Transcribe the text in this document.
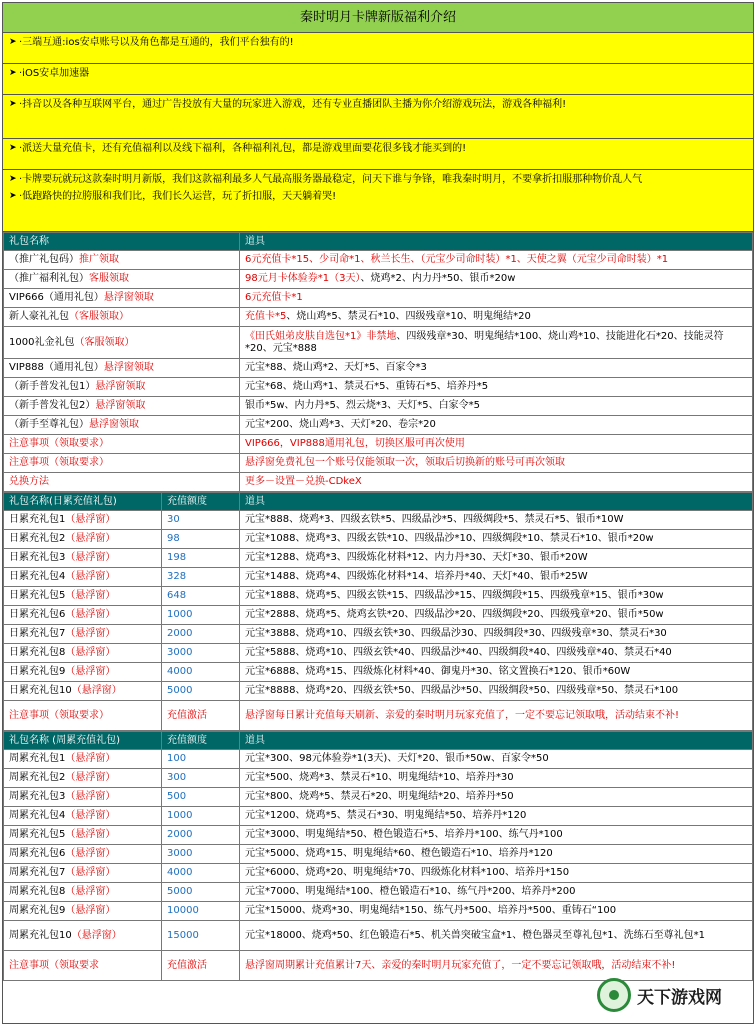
秦时明月卡牌新版福利介绍
➤ ·三端互通:ios安卓账号以及角色都是互通的，我们平台独有的!
➤ ·iOS安卓加速器
➤ ·抖音以及各种互联网平台，通过广告投放有大量的玩家进入游戏，还有专业直播团队主播为你介绍游戏玩法，游戏各种福利!
➤ ·派送大量充值卡，还有充值福利以及线下福利，各种福利礼包，都是游戏里面要花很多钱才能买到的!
➤ ·卡牌要玩就玩这款秦时明月新版，我们这款福利最多人气最高服务器最稳定，问天下谁与争锋，唯我秦时明月，不要拿折扣服那种物价乱人气
➤ ·低跑路快的拉胯服和我们比，我们长久运营，玩了折扣服，天天躺着哭!
礼包名称	道具
（推广礼包码）推广领取	6元充值卡*15、少司命*1、秋兰长生、（元宝少司命时装）*1、天使之翼（元宝少司命时装）*1
（推广福利礼包）客服领取	98元月卡体验券*1（3天）、烧鸡*2、内力丹*50、银币*20w
VIP666（通用礼包）悬浮窗领取	6元充值卡*1
新人豪礼礼包（客服领取）	充值卡*5、烧山鸡*5、禁灵石*10、四级残章*10、明鬼绳结*20
1000礼金礼包（客服领取）	《田氏姐弟皮肤自选包*1》非禁地、四级残章*30、明鬼绳结*100、烧山鸡*10、技能进化石*20、技能灵符*20、元宝*888
VIP888（通用礼包）悬浮窗领取	元宝*88、烧山鸡*2、天灯*5、百家令*3
（新手普发礼包1）悬浮窗领取	元宝*68、烧山鸡*1、禁灵石*5、重铸石*5、培养丹*5
（新手普发礼包2）悬浮窗领取	银币*5w、内力丹*5、烈云烧*3、天灯*5、白家令*5
（新手至尊礼包）悬浮窗领取	元宝*200、烧山鸡*3、天灯*20、卷宗*20
注意事项（领取要求）	VIP666，VIP888通用礼包，切换区服可再次使用
注意事项（领取要求）	悬浮窗免费礼包一个账号仅能领取一次，领取后切换新的账号可再次领取
兑换方法	更多－设置－兑换-CDkeX
礼包名称(日累充值礼包)	充值额度	道具
日累充礼包1（悬浮窗）	30	元宝*888、烧鸡*3、四级玄铁*5、四级晶沙*5、四级绸段*5、禁灵石*5、银币*10W
日累充礼包2（悬浮窗）	98	元宝*1088、烧鸡*3、四级玄铁*10、四级晶沙*10、四级绸段*10、禁灵石*10、银币*20w
日累充礼包3（悬浮窗）	198	元宝*1288、烧鸡*3、四级炼化材料*12、内力丹*30、天灯*30、银币*20W
日累充礼包4（悬浮窗）	328	元宝*1488、烧鸡*4、四级炼化材料*14、培养丹*40、天灯*40、银币*25W
日累充礼包5（悬浮窗）	648	元宝*1888、烧鸡*5、四级玄铁*15、四级晶沙*15、四级绸段*15、四级残章*15、银币*30w
日累充礼包6（悬浮窗）	1000	元宝*2888、烧鸡*5、烧鸡玄铁*20、四级晶沙*20、四级绸段*20、四级残章*20、银币*50w
日累充礼包7（悬浮窗）	2000	元宝*3888、烧鸡*10、四级玄铁*30、四级晶沙30、四级绸段*30、四级残章*30、禁灵石*30
日累充礼包8（悬浮窗）	3000	元宝*5888、烧鸡*10、四级玄铁*40、四级晶沙*40、四级绸段*40、四级残章*40、禁灵石*40
日累充礼包9（悬浮窗）	4000	元宝*6888、烧鸡*15、四级炼化材料*40、御鬼丹*30、铭文置换石*120、银币*60W
日累充礼包10（悬浮窗）	5000	元宝*8888、烧鸡*20、四级玄铁*50、四级晶沙*50、四级绸段*50、四级残章*50、禁灵石*100
注意事项（领取要求）	充值激活	悬浮窗每日累计充值每天刷新、亲爱的秦时明月玩家充值了，一定不要忘记领取哦，活动结束不补!
礼包名称 (周累充值礼包)	充值额度	道具
周累充礼包1（悬浮窗）	100	元宝*300、98元体验券*1(3天)、天灯*20、银币*50w、百家令*50
周累充礼包2（悬浮窗）	300	元宝*500、烧鸡*3、禁灵石*10、明鬼绳结*10、培养丹*30
周累充礼包3（悬浮窗）	500	元宝*800、烧鸡*5、禁灵石*20、明鬼绳结*20、培养丹*50
周累充礼包4（悬浮窗）	1000	元宝*1200、烧鸡*5、禁灵石*30、明鬼绳结*50、培养丹*120
周累充礼包5（悬浮窗）	2000	元宝*3000、明鬼绳结*50、橙色锻造石*5、培养丹*100、练气丹*100
周累充礼包6（悬浮窗）	3000	元宝*5000、烧鸡*15、明鬼绳结*60、橙色锻造石*10、培养丹*120
周累充礼包7（悬浮窗）	4000	元宝*6000、烧鸡*20、明鬼绳结*70、四级炼化材料*100、培养丹*150
周累充礼包8（悬浮窗）	5000	元宝*7000、明鬼绳结*100、橙色锻造石*10、练气丹*200、培养丹*200
周累充礼包9（悬浮窗）	10000	元宝*15000、烧鸡*30、明鬼绳结*150、练气丹*500、培养丹*500、重铸石“100
周累充礼包10（悬浮窗）	15000	元宝*18000、烧鸡*50、红色锻造石*5、机关兽突破宝盒*1、橙色器灵至尊礼包*1、洗练石至尊礼包*1
注意事项（领取要求	充值激活	悬浮窗周期累计充值累计7天、亲爱的秦时明月玩家充值了，一定不要忘记领取哦，活动结束不补!
天下游戏网
